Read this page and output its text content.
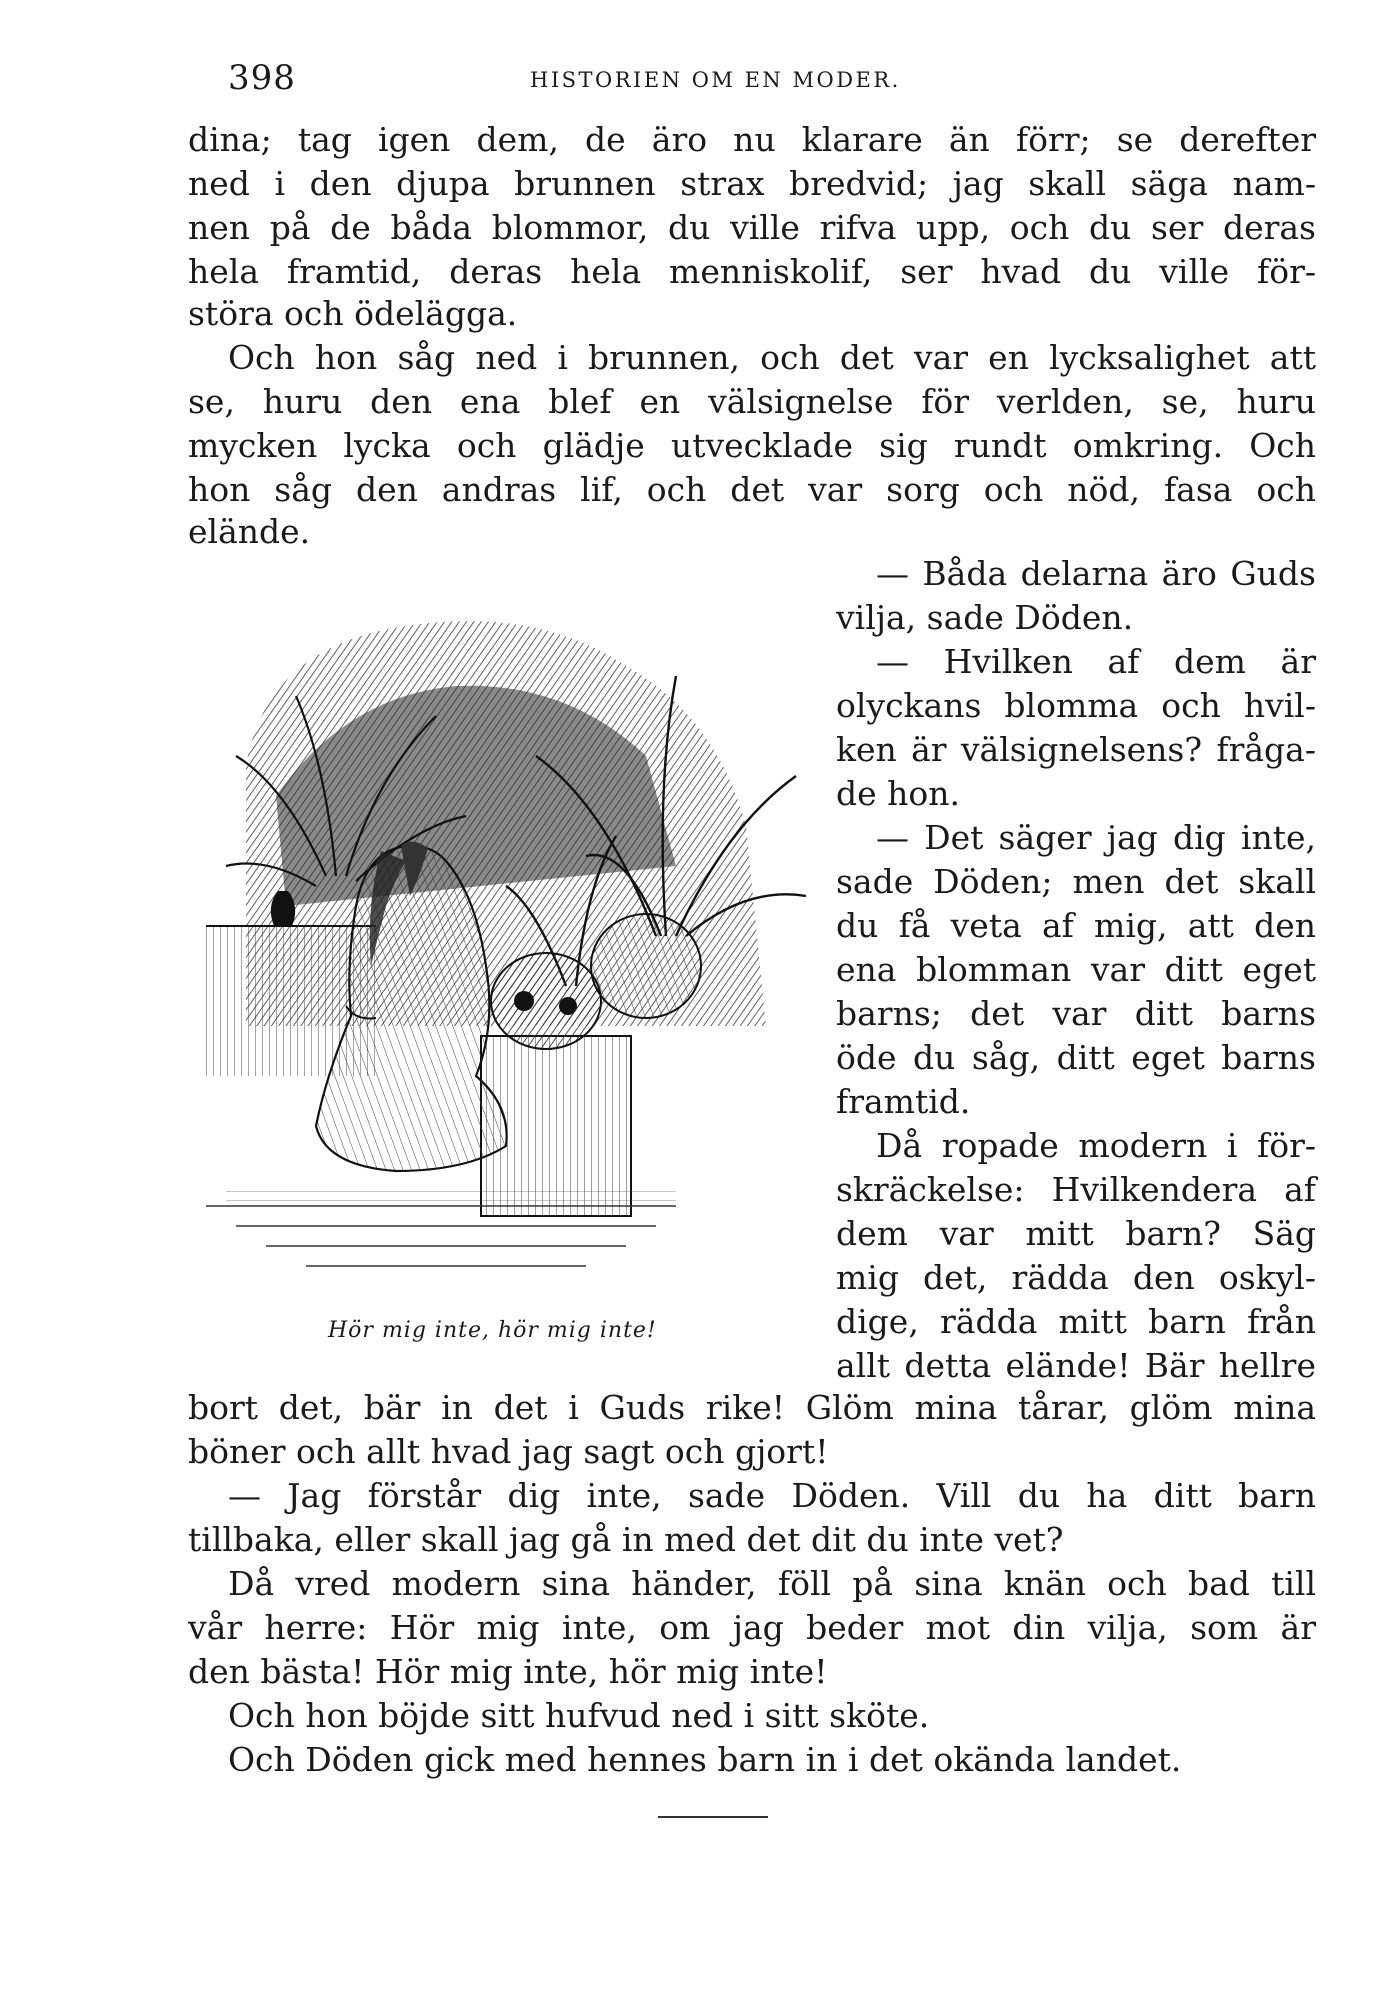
398	HISTORIEN OM EN MODER.
dina; tag igen dem, de äro nu klarare än förr; se derefter
ned i den djupa brunnen strax bredvid; jag skall säga nam-
nen på de båda blommor, du ville rifva upp, och du ser deras
hela framtid, deras hela menniskolif, ser hvad du ville för-
störa och ödelägga.
Och hon såg ned i brunnen, och det var en lycksalighet att
se, huru den ena blef en välsignelse för verlden, se, huru
mycken lycka och glädje utvecklade sig rundt omkring. Och
hon såg den andras lif, och det var sorg och nöd, fasa och
elände.
— Båda delarna äro Guds
vilja, sade Döden.
— Hvilken af dem är
olyckans blomma och hvil-
ken är välsignelsens? fråga-
de hon.
— Det säger jag dig inte,
sade Döden; men det skall
du få veta af mig, att den
ena blomman var ditt eget
barns; det var ditt barns
öde du såg, ditt eget barns
framtid.
Då ropade modern i för-
skräckelse: Hvilkendera af
dem var mitt barn? Säg
mig det, rädda den oskyl-
dige, rädda mitt barn från
allt detta elände! Bär hellre
Hör mig inte, hör mig inte!
bort det, bär in det i Guds rike! Glöm mina tårar, glöm mina
böner och allt hvad jag sagt och gjort!
— Jag förstår dig inte, sade Döden. Vill du ha ditt barn
tillbaka, eller skall jag gå in med det dit du inte vet?
Då vred modern sina händer, föll på sina knän och bad till
vår herre: Hör mig inte, om jag beder mot din vilja, som är
den bästa! Hör mig inte, hör mig inte!
Och hon böjde sitt hufvud ned i sitt sköte.
Och Döden gick med hennes barn in i det okända landet.
